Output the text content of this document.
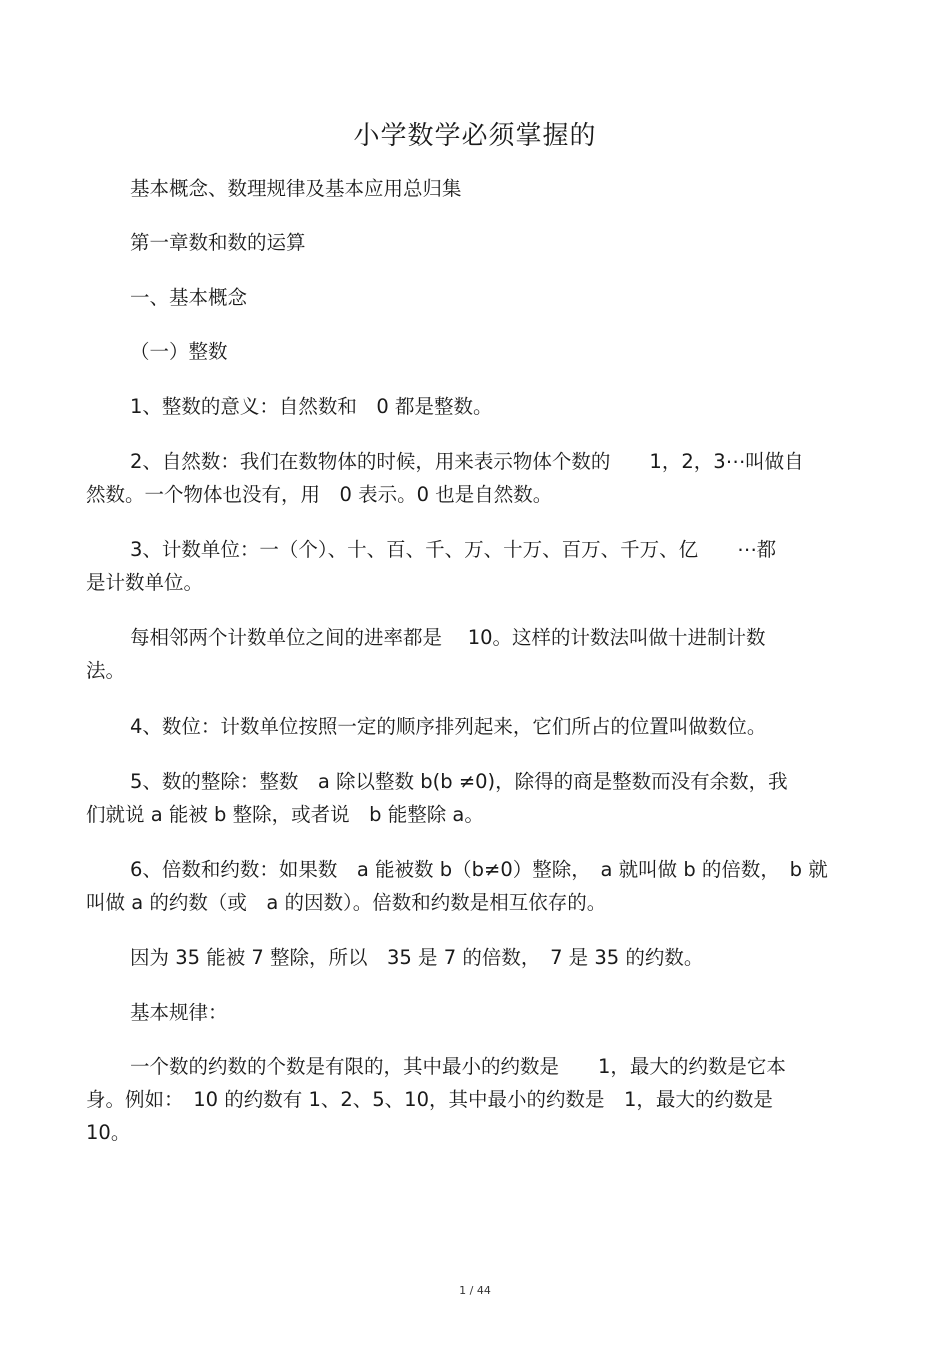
小学数学必须掌握的
基本概念、数理规律及基本应用总归集
第一章数和数的运算
一、基本概念
（一）整数
1、整数的意义：自然数和　0 都是整数。
2、自然数：我们在数物体的时候，用来表示物体个数的　　1，2，3⋯叫做自
然数。一个物体也没有，用　0 表示。0 也是自然数。
3、计数单位：一（个）、十、百、千、万、十万、百万、千万、亿　　⋯都
是计数单位。
每相邻两个计数单位之间的进率都是　 10。这样的计数法叫做十进制计数
法。
4、数位：计数单位按照一定的顺序排列起来，它们所占的位置叫做数位。
5、数的整除：整数　a 除以整数 b(b ≠0)，除得的商是整数而没有余数，我
们就说 a 能被 b 整除，或者说　b 能整除 a。
6、倍数和约数：如果数　a 能被数 b（b≠0）整除，　a 就叫做 b 的倍数，　b 就
叫做 a 的约数（或　a 的因数）。倍数和约数是相互依存的。
因为 35 能被 7 整除，所以　35 是 7 的倍数，　7 是 35 的约数。
基本规律：
一个数的约数的个数是有限的，其中最小的约数是　　1，最大的约数是它本
身。例如：　10 的约数有 1、2、5、10，其中最小的约数是　1，最大的约数是
10。
1 / 44
